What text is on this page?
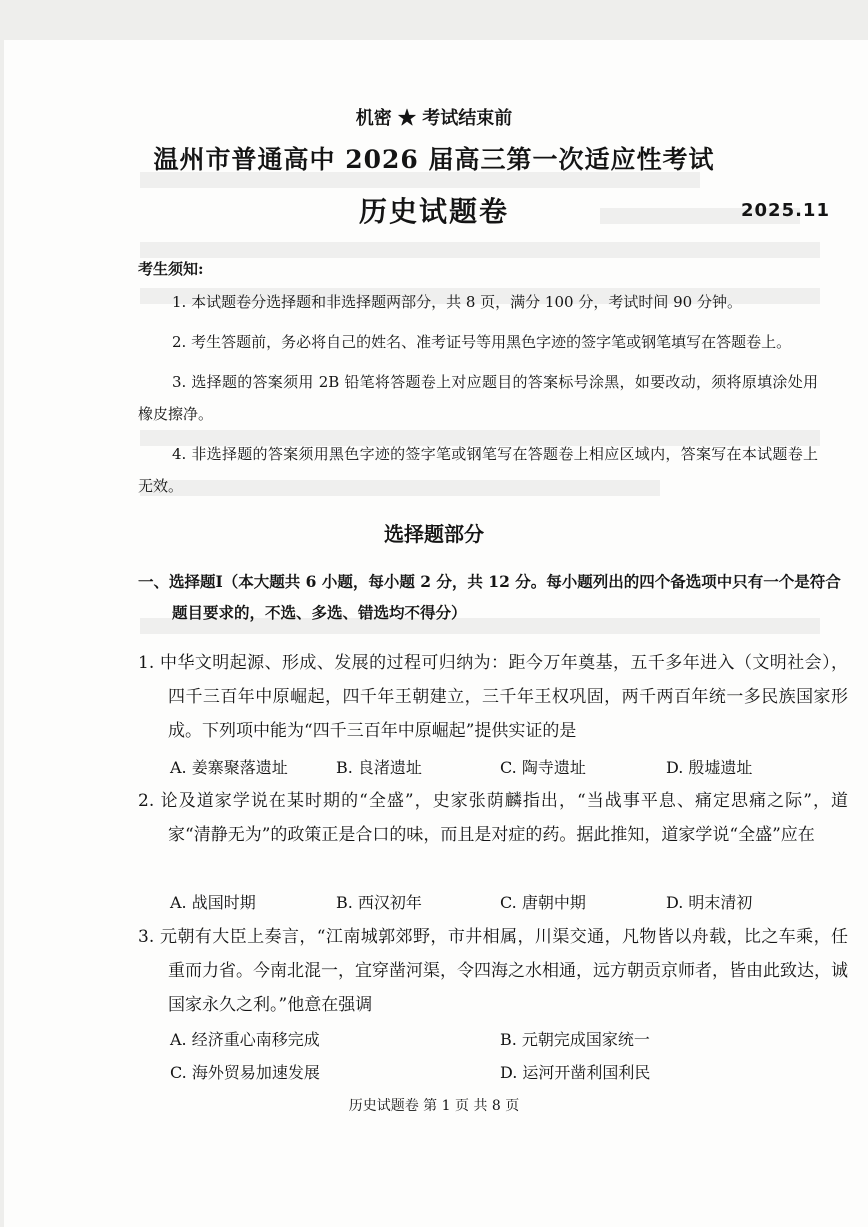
机密 ★ 考试结束前
温州市普通高中 2026 届高三第一次适应性考试
历史试题卷	2025.11
考生须知:
1. 本试题卷分选择题和非选择题两部分，共 8 页，满分 100 分，考试时间 90 分钟。
2. 考生答题前，务必将自己的姓名、准考证号等用黑色字迹的签字笔或钢笔填写在答题卷上。
3. 选择题的答案须用 2B 铅笔将答题卷上对应题目的答案标号涂黑，如要改动，须将原填涂处用橡皮擦净。
4. 非选择题的答案须用黑色字迹的签字笔或钢笔写在答题卷上相应区域内，答案写在本试题卷上无效。
选择题部分
一、选择题Ⅰ（本大题共 6 小题，每小题 2 分，共 12 分。每小题列出的四个备选项中只有一个是符合题目要求的，不选、多选、错选均不得分）
1. 中华文明起源、形成、发展的过程可归纳为：距今万年奠基，五千多年进入（文明社会），四千三百年中原崛起，四千年王朝建立，三千年王权巩固，两千两百年统一多民族国家形成。下列项中能为“四千三百年中原崛起”提供实证的是
A. 姜寨聚落遗址	B. 良渚遗址	C. 陶寺遗址	D. 殷墟遗址
2. 论及道家学说在某时期的“全盛”，史家张荫麟指出，“当战事平息、痛定思痛之际”，道家“清静无为”的政策正是合口的味，而且是对症的药。据此推知，道家学说“全盛”应在
A. 战国时期	B. 西汉初年	C. 唐朝中期	D. 明末清初
3. 元朝有大臣上奏言，“江南城郭郊野，市井相属，川渠交通，凡物皆以舟载，比之车乘，任重而力省。今南北混一，宜穿凿河渠，令四海之水相通，远方朝贡京师者，皆由此致达，诚国家永久之利。”他意在强调
A. 经济重心南移完成	B. 元朝完成国家统一
C. 海外贸易加速发展	D. 运河开凿利国利民
历史试题卷 第 1 页 共 8 页
